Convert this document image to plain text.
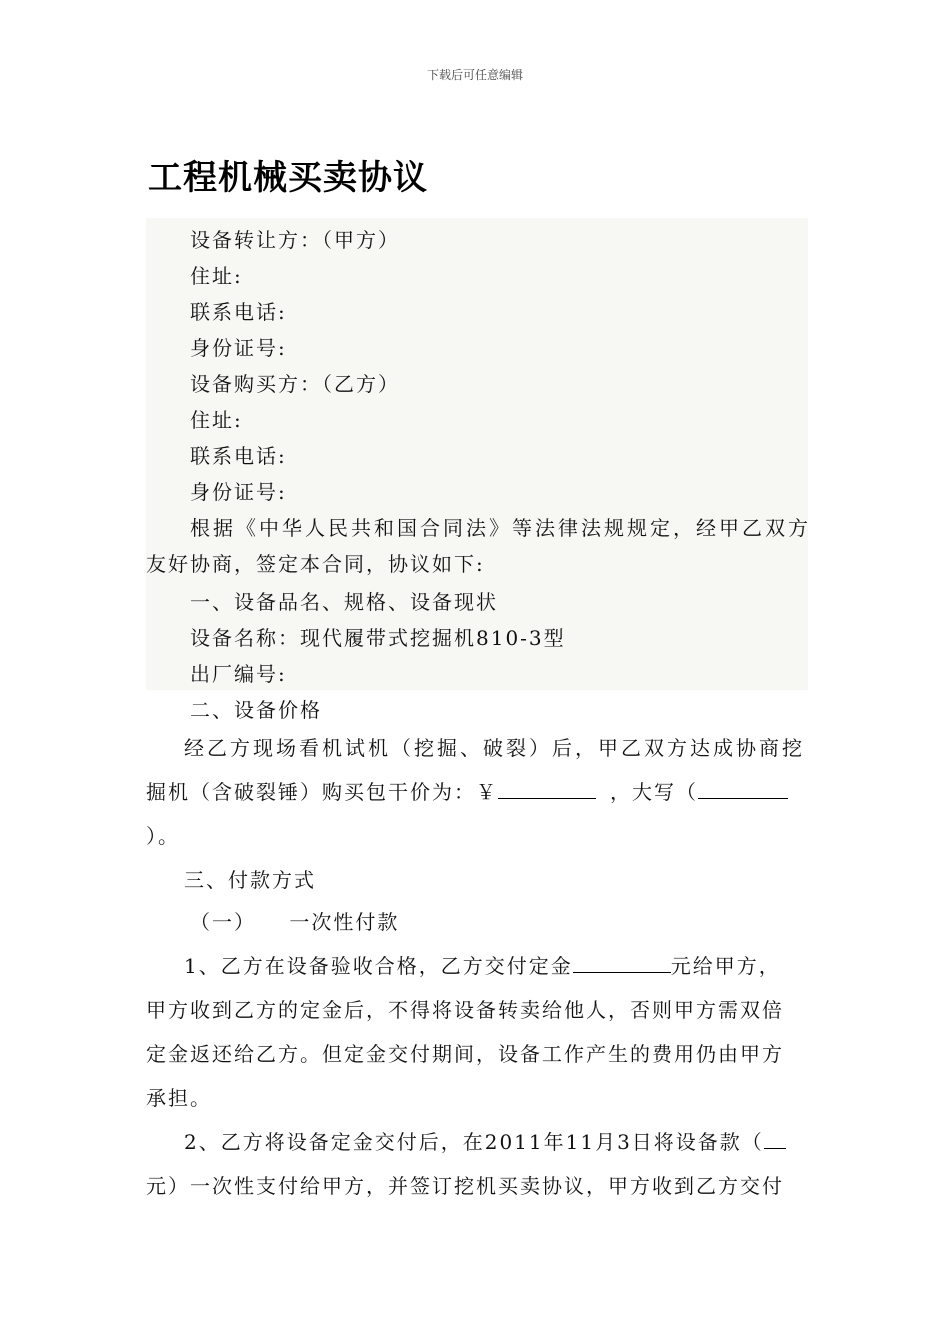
下载后可任意编辑
工程机械买卖协议
设备转让方：（甲方）
住址:
联系电话:
身份证号:
设备购买方：（乙方）
住址:
联系电话:
身份证号:
根据《中华人民共和国合同法》等法律法规规定，经甲乙双方
友好协商，签定本合同，协议如下:
一、设备品名、规格、设备现状
设备名称：现代履带式挖掘机810-3型
出厂编号:
二、设备价格
经乙方现场看机试机（挖掘、破裂）后，甲乙双方达成协商挖
掘机（含破裂锤）购买包干价为：￥	，大写（
）。
三、付款方式
（一）    一次性付款
1、乙方在设备验收合格，乙方交付定金	元给甲方，
甲方收到乙方的定金后，不得将设备转卖给他人，否则甲方需双倍
定金返还给乙方。但定金交付期间，设备工作产生的费用仍由甲方
承担。
2、乙方将设备定金交付后，在2011年11月3日将设备款（
元）一次性支付给甲方，并签订挖机买卖协议，甲方收到乙方交付
